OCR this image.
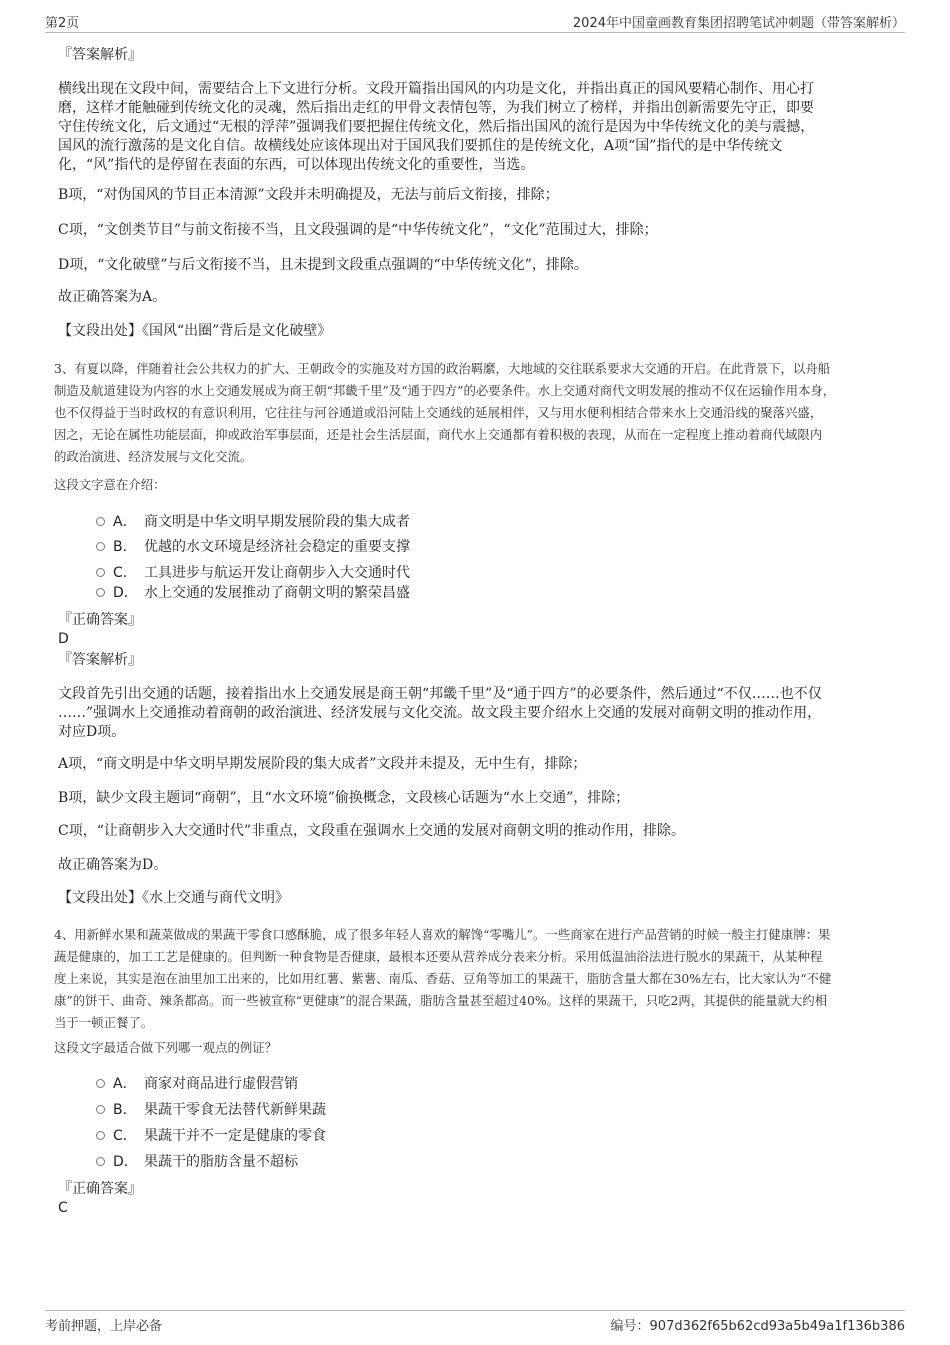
第2页	2024年中国童画教育集团招聘笔试冲刺题（带答案解析）
『答案解析』
横线出现在文段中间，需要结合上下文进行分析。文段开篇指出国风的内功是文化，并指出真正的国风要精心制作、用心打
磨，这样才能触碰到传统文化的灵魂，然后指出走红的甲骨文表情包等，为我们树立了榜样，并指出创新需要先守正，即要
守住传统文化，后文通过“无根的浮萍”强调我们要把握住传统文化，然后指出国风的流行是因为中华传统文化的美与震撼，
国风的流行激荡的是文化自信。故横线处应该体现出对于国风我们要抓住的是传统文化，A项“国”指代的是中华传统文
化，“风”指代的是停留在表面的东西，可以体现出传统文化的重要性，当选。
B项，“对伪国风的节目正本清源”文段并未明确提及，无法与前后文衔接，排除；
C项，“文创类节目”与前文衔接不当，且文段强调的是“中华传统文化”，“文化”范围过大，排除；
D项，“文化破壁”与后文衔接不当，且未提到文段重点强调的“中华传统文化”，排除。
故正确答案为A。
【文段出处】《国风“出圈”背后是文化破壁》
3、有夏以降，伴随着社会公共权力的扩大、王朝政令的实施及对方国的政治羁縻，大地域的交往联系要求大交通的开启。在此背景下，以舟船
制造及航道建设为内容的水上交通发展成为商王朝“邦畿千里”及“通于四方”的必要条件。水上交通对商代文明发展的推动不仅在运输作用本身，
也不仅得益于当时政权的有意识利用，它往往与河谷通道或沿河陆上交通线的延展相伴，又与用水便利相结合带来水上交通沿线的聚落兴盛，
因之，无论在属性功能层面，抑或政治军事层面，还是社会生活层面，商代水上交通都有着积极的表现，从而在一定程度上推动着商代域限内
的政治演进、经济发展与文化交流。
这段文字意在介绍：
A． 商文明是中华文明早期发展阶段的集大成者
B． 优越的水文环境是经济社会稳定的重要支撑
C． 工具进步与航运开发让商朝步入大交通时代
D． 水上交通的发展推动了商朝文明的繁荣昌盛
『正确答案』
D
『答案解析』
文段首先引出交通的话题，接着指出水上交通发展是商王朝“邦畿千里”及“通于四方”的必要条件，然后通过“不仅……也不仅
……”强调水上交通推动着商朝的政治演进、经济发展与文化交流。故文段主要介绍水上交通的发展对商朝文明的推动作用，
对应D项。
A项，“商文明是中华文明早期发展阶段的集大成者”文段并未提及，无中生有，排除；
B项，缺少文段主题词“商朝”，且“水文环境”偷换概念，文段核心话题为“水上交通”，排除；
C项，“让商朝步入大交通时代”非重点，文段重在强调水上交通的发展对商朝文明的推动作用，排除。
故正确答案为D。
【文段出处】《水上交通与商代文明》
4、用新鲜水果和蔬菜做成的果蔬干零食口感酥脆，成了很多年轻人喜欢的解馋“零嘴儿”。一些商家在进行产品营销的时候一般主打健康牌：果
蔬是健康的，加工工艺是健康的。但判断一种食物是否健康，最根本还要从营养成分表来分析。采用低温油浴法进行脱水的果蔬干，从某种程
度上来说，其实是泡在油里加工出来的，比如用红薯、紫薯、南瓜、香菇、豆角等加工的果蔬干，脂肪含量大都在30%左右，比大家认为“不健
康”的饼干、曲奇、辣条都高。而一些被宣称“更健康”的混合果蔬，脂肪含量甚至超过40%。这样的果蔬干，只吃2两，其提供的能量就大约相
当于一顿正餐了。
这段文字最适合做下列哪一观点的例证？
A． 商家对商品进行虚假营销
B． 果蔬干零食无法替代新鲜果蔬
C． 果蔬干并不一定是健康的零食
D． 果蔬干的脂肪含量不超标
『正确答案』
C
考前押题，上岸必备	编号：907d362f65b62cd93a5b49a1f136b386
